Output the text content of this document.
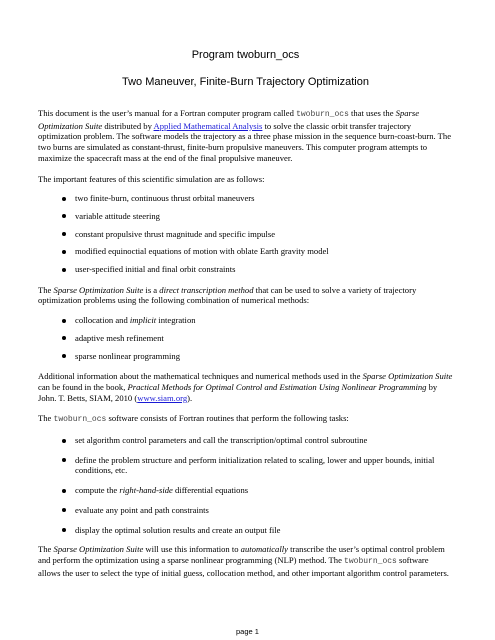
Program twoburn_ocs
Two Maneuver, Finite-Burn Trajectory Optimization

This document is the user’s manual for a Fortran computer program called twoburn_ocs that uses the Sparse Optimization Suite distributed by Applied Mathematical Analysis to solve the classic orbit transfer trajectory optimization problem. The software models the trajectory as a three phase mission in the sequence burn-coast-burn. The two burns are simulated as constant-thrust, finite-burn propulsive maneuvers. This computer program attempts to maximize the spacecraft mass at the end of the final propulsive maneuver.

The important features of this scientific simulation are as follows:

two finite-burn, continuous thrust orbital maneuvers
variable attitude steering
constant propulsive thrust magnitude and specific impulse
modified equinoctial equations of motion with oblate Earth gravity model
user-specified initial and final orbit constraints

The Sparse Optimization Suite is a direct transcription method that can be used to solve a variety of trajectory optimization problems using the following combination of numerical methods:

collocation and implicit integration
adaptive mesh refinement
sparse nonlinear programming

Additional information about the mathematical techniques and numerical methods used in the Sparse Optimization Suite can be found in the book, Practical Methods for Optimal Control and Estimation Using Nonlinear Programming by John. T. Betts, SIAM, 2010 (www.siam.org).

The twoburn_ocs software consists of Fortran routines that perform the following tasks:

set algorithm control parameters and call the transcription/optimal control subroutine
define the problem structure and perform initialization related to scaling, lower and upper bounds, initial conditions, etc.
compute the right-hand-side differential equations
evaluate any point and path constraints
display the optimal solution results and create an output file

The Sparse Optimization Suite will use this information to automatically transcribe the user’s optimal control problem and perform the optimization using a sparse nonlinear programming (NLP) method. The twoburn_ocs software allows the user to select the type of initial guess, collocation method, and other important algorithm control parameters.

page 1
